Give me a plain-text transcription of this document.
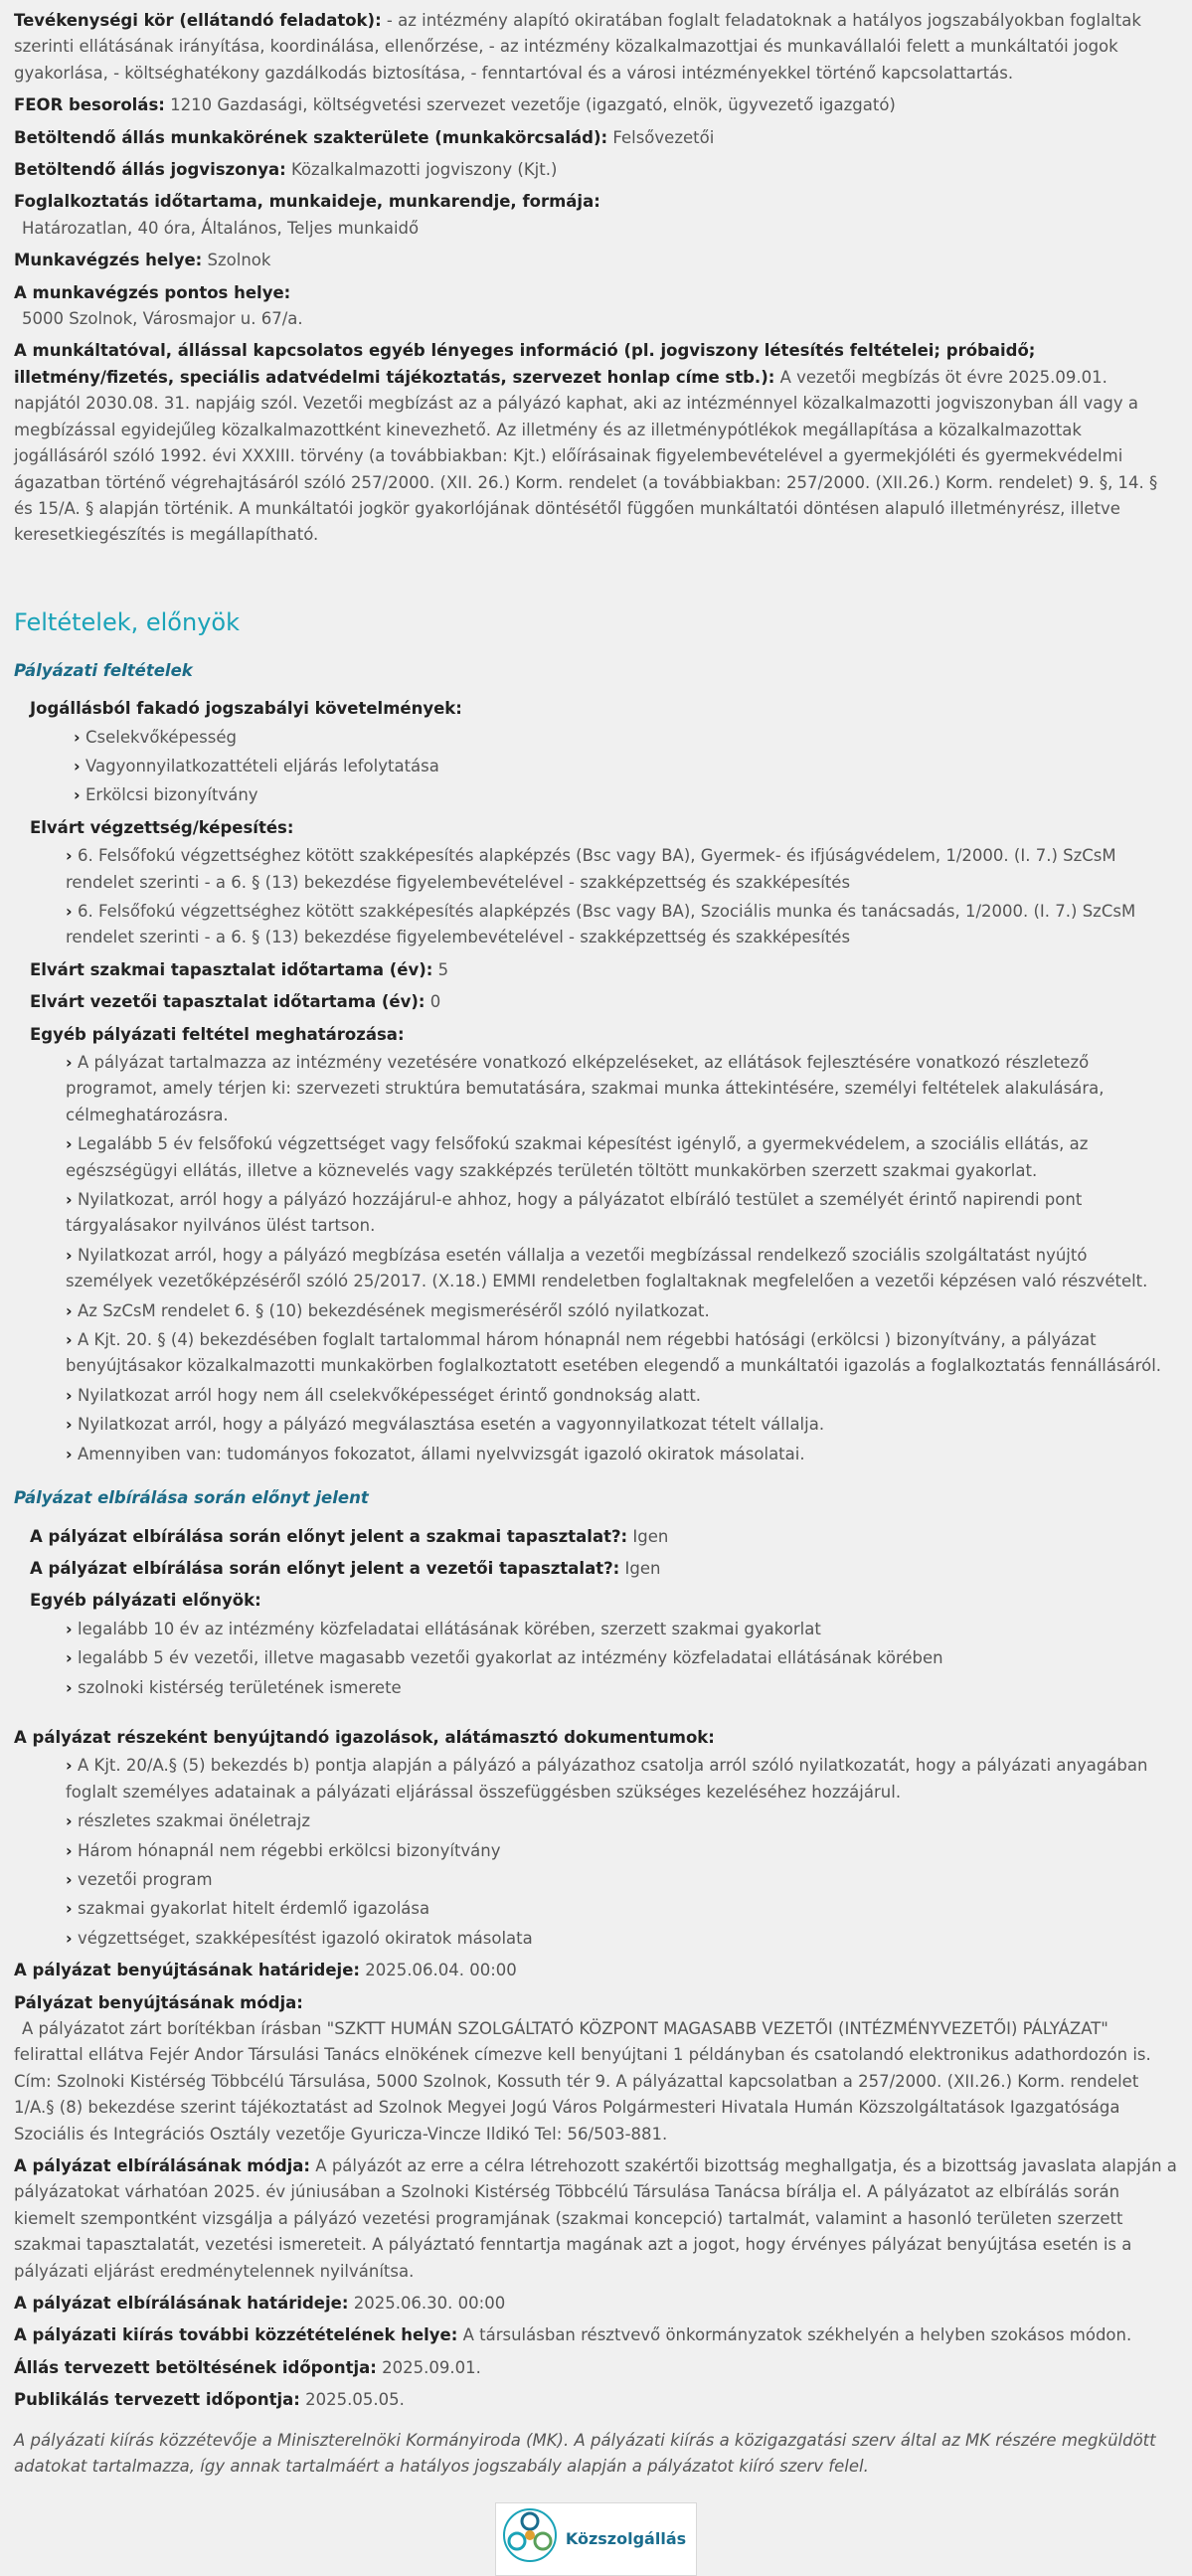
Tevékenységi kör (ellátandó feladatok): - az intézmény alapító okiratában foglalt feladatoknak a hatályos jogszabályokban foglaltak szerinti ellátásának irányítása, koordinálása, ellenőrzése, - az intézmény közalkalmazottjai és munkavállalói felett a munkáltatói jogok gyakorlása, - költséghatékony gazdálkodás biztosítása, - fenntartóval és a városi intézményekkel történő kapcsolattartás.
FEOR besorolás: 1210 Gazdasági, költségvetési szervezet vezetője (igazgató, elnök, ügyvezető igazgató)
Betöltendő állás munkakörének szakterülete (munkakörcsalád): Felsővezetői
Betöltendő állás jogviszonya: Közalkalmazotti jogviszony (Kjt.)
Foglalkoztatás időtartama, munkaideje, munkarendje, formája:
Határozatlan, 40 óra, Általános, Teljes munkaidő
Munkavégzés helye: Szolnok
A munkavégzés pontos helye:
5000 Szolnok, Városmajor u. 67/a.
A munkáltatóval, állással kapcsolatos egyéb lényeges információ (pl. jogviszony létesítés feltételei; próbaidő; illetmény/fizetés, speciális adatvédelmi tájékoztatás, szervezet honlap címe stb.): A vezetői megbízás öt évre 2025.09.01. napjától 2030.08. 31. napjáig szól. Vezetői megbízást az a pályázó kaphat, aki az intézménnyel közalkalmazotti jogviszonyban áll vagy a megbízással egyidejűleg közalkalmazottként kinevezhető. Az illetmény és az illetménypótlékok megállapítása a közalkalmazottak jogállásáról szóló 1992. évi XXXIII. törvény (a továbbiakban: Kjt.) előírásainak figyelembevételével a gyermekjóléti és gyermekvédelmi ágazatban történő végrehajtásáról szóló 257/2000. (XII. 26.) Korm. rendelet (a továbbiakban: 257/2000. (XII.26.) Korm. rendelet) 9. §, 14. § és 15/A. § alapján történik. A munkáltatói jogkör gyakorlójának döntésétől függően munkáltatói döntésen alapuló illetményrész, illetve keresetkiegészítés is megállapítható.
Feltételek, előnyök
Pályázati feltételek
Jogállásból fakadó jogszabályi követelmények:
› Cselekvőképesség
› Vagyonnyilatkozattételi eljárás lefolytatása
› Erkölcsi bizonyítvány
Elvárt végzettség/képesítés:
› 6. Felsőfokú végzettséghez kötött szakképesítés alapképzés (Bsc vagy BA), Gyermek- és ifjúságvédelem, 1/2000. (I. 7.) SzCsM rendelet szerinti - a 6. § (13) bekezdése figyelembevételével - szakképzettség és szakképesítés
› 6. Felsőfokú végzettséghez kötött szakképesítés alapképzés (Bsc vagy BA), Szociális munka és tanácsadás, 1/2000. (I. 7.) SzCsM rendelet szerinti - a 6. § (13) bekezdése figyelembevételével - szakképzettség és szakképesítés
Elvárt szakmai tapasztalat időtartama (év): 5
Elvárt vezetői tapasztalat időtartama (év): 0
Egyéb pályázati feltétel meghatározása:
› A pályázat tartalmazza az intézmény vezetésére vonatkozó elképzeléseket, az ellátások fejlesztésére vonatkozó részletező programot, amely térjen ki: szervezeti struktúra bemutatására, szakmai munka áttekintésére, személyi feltételek alakulására, célmeghatározásra.
› Legalább 5 év felsőfokú végzettséget vagy felsőfokú szakmai képesítést igénylő, a gyermekvédelem, a szociális ellátás, az egészségügyi ellátás, illetve a köznevelés vagy szakképzés területén töltött munkakörben szerzett szakmai gyakorlat.
› Nyilatkozat, arról hogy a pályázó hozzájárul-e ahhoz, hogy a pályázatot elbíráló testület a személyét érintő napirendi pont tárgyalásakor nyilvános ülést tartson.
› Nyilatkozat arról, hogy a pályázó megbízása esetén vállalja a vezetői megbízással rendelkező szociális szolgáltatást nyújtó személyek vezetőképzéséről szóló 25/2017. (X.18.) EMMI rendeletben foglaltaknak megfelelően a vezetői képzésen való részvételt.
› Az SzCsM rendelet 6. § (10) bekezdésének megismeréséről szóló nyilatkozat.
› A Kjt. 20. § (4) bekezdésében foglalt tartalommal három hónapnál nem régebbi hatósági (erkölcsi ) bizonyítvány, a pályázat benyújtásakor közalkalmazotti munkakörben foglalkoztatott esetében elegendő a munkáltatói igazolás a foglalkoztatás fennállásáról.
› Nyilatkozat arról hogy nem áll cselekvőképességet érintő gondnokság alatt.
› Nyilatkozat arról, hogy a pályázó megválasztása esetén a vagyonnyilatkozat tételt vállalja.
› Amennyiben van: tudományos fokozatot, állami nyelvvizsgát igazoló okiratok másolatai.
Pályázat elbírálása során előnyt jelent
A pályázat elbírálása során előnyt jelent a szakmai tapasztalat?: Igen
A pályázat elbírálása során előnyt jelent a vezetői tapasztalat?: Igen
Egyéb pályázati előnyök:
› legalább 10 év az intézmény közfeladatai ellátásának körében, szerzett szakmai gyakorlat
› legalább 5 év vezetői, illetve magasabb vezetői gyakorlat az intézmény közfeladatai ellátásának körében
› szolnoki kistérség területének ismerete
A pályázat részeként benyújtandó igazolások, alátámasztó dokumentumok:
› A Kjt. 20/A.§ (5) bekezdés b) pontja alapján a pályázó a pályázathoz csatolja arról szóló nyilatkozatát, hogy a pályázati anyagában foglalt személyes adatainak a pályázati eljárással összefüggésben szükséges kezeléséhez hozzájárul.
› részletes szakmai önéletrajz
› Három hónapnál nem régebbi erkölcsi bizonyítvány
› vezetői program
› szakmai gyakorlat hitelt érdemlő igazolása
› végzettséget, szakképesítést igazoló okiratok másolata
A pályázat benyújtásának határideje: 2025.06.04. 00:00
Pályázat benyújtásának módja:
A pályázatot zárt borítékban írásban "SZKTT HUMÁN SZOLGÁLTATÓ KÖZPONT MAGASABB VEZETŐI (INTÉZMÉNYVEZETŐI) PÁLYÁZAT" felirattal ellátva Fejér Andor Társulási Tanács elnökének címezve kell benyújtani 1 példányban és csatolandó elektronikus adathordozón is. Cím: Szolnoki Kistérség Többcélú Társulása, 5000 Szolnok, Kossuth tér 9. A pályázattal kapcsolatban a 257/2000. (XII.26.) Korm. rendelet 1/A.§ (8) bekezdése szerint tájékoztatást ad Szolnok Megyei Jogú Város Polgármesteri Hivatala Humán Közszolgáltatások Igazgatósága Szociális és Integrációs Osztály vezetője Gyuricza-Vincze Ildikó Tel: 56/503-881.
A pályázat elbírálásának módja: A pályázót az erre a célra létrehozott szakértői bizottság meghallgatja, és a bizottság javaslata alapján a pályázatokat várhatóan 2025. év júniusában a Szolnoki Kistérség Többcélú Társulása Tanácsa bírálja el. A pályázatot az elbírálás során kiemelt szempontként vizsgálja a pályázó vezetési programjának (szakmai koncepció) tartalmát, valamint a hasonló területen szerzett szakmai tapasztalatát, vezetési ismereteit. A pályáztató fenntartja magának azt a jogot, hogy érvényes pályázat benyújtása esetén is a pályázati eljárást eredménytelennek nyilvánítsa.
A pályázat elbírálásának határideje: 2025.06.30. 00:00
A pályázati kiírás további közzétételének helye: A társulásban résztvevő önkormányzatok székhelyén a helyben szokásos módon.
Állás tervezett betöltésének időpontja: 2025.09.01.
Publikálás tervezett időpontja: 2025.05.05.
A pályázati kiírás közzétevője a Miniszterelnöki Kormányiroda (MK). A pályázati kiírás a közigazgatási szerv által az MK részére megküldött adatokat tartalmazza, így annak tartalmáért a hatályos jogszabály alapján a pályázatot kiíró szerv felel.
Közszolgállás
